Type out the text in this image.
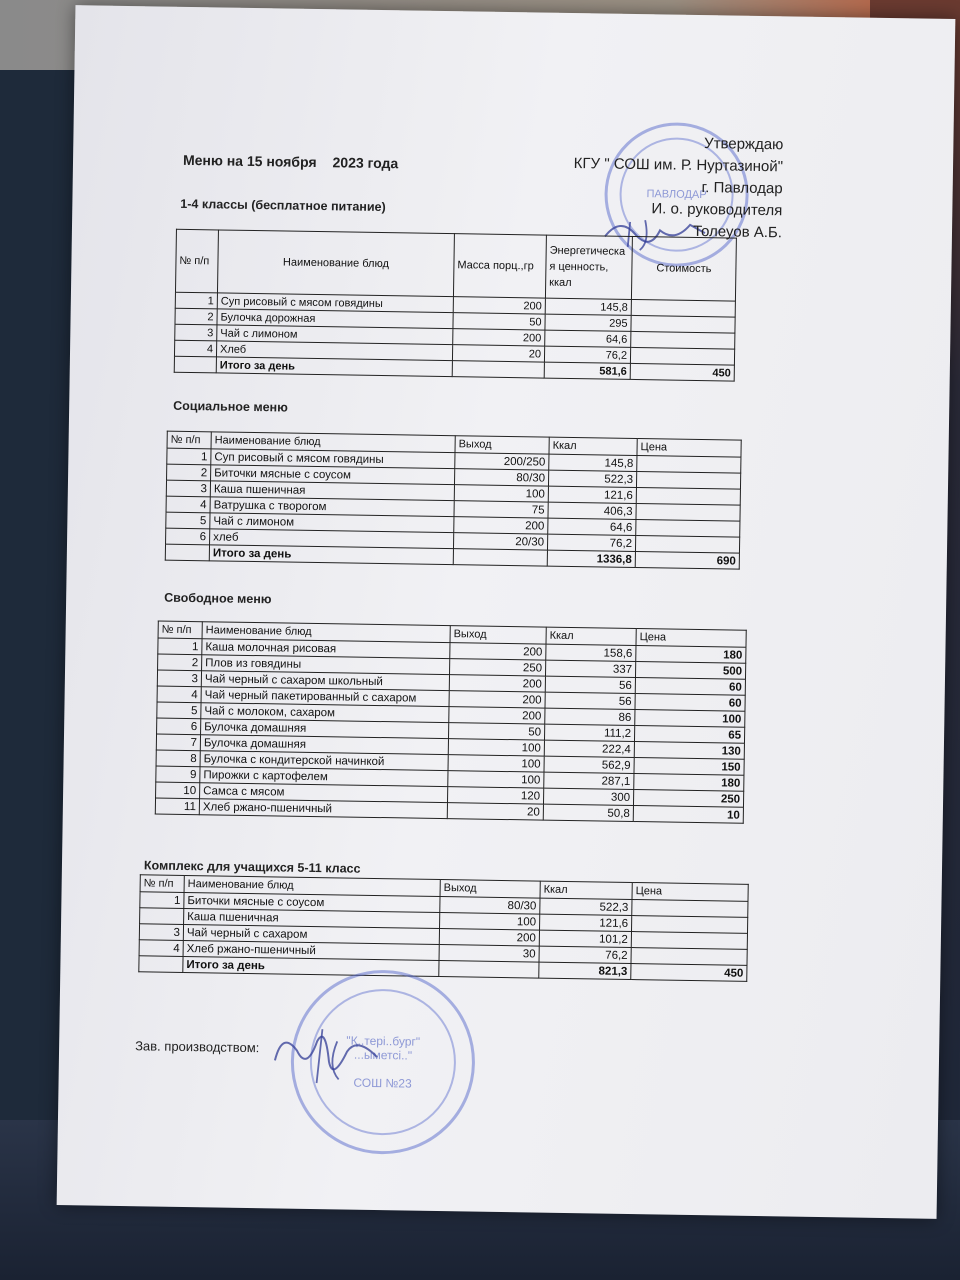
ПАВЛОДАР
Утверждаю
КГУ " СОШ им. Р. Нуртазиной"
г. Павлодар
И. о. руководителя
Толеуов А.Б.
Меню на 15 ноября 2023 года
1-4 классы (бесплатное питание)
№ п/п	Наименование блюд	Масса порц.,гр	Энергетическа я ценность, ккал	Стоимость
1	Суп рисовый с мясом говядины	200	145,8	
2	Булочка дорожная	50	295	
3	Чай с лимоном	200	64,6	
4	Хлеб	20	76,2	
	Итого за день		581,6	450
Социальное меню
№ п/п	Наименование блюд	Выход	Ккал	Цена
1	Суп рисовый с мясом говядины	200/250	145,8	
2	Биточки мясные с соусом	80/30	522,3	
3	Каша пшеничная	100	121,6	
4	Ватрушка с творогом	75	406,3	
5	Чай с лимоном	200	64,6	
6	хлеб	20/30	76,2	
	Итого за день		1336,8	690
Свободное меню
№ п/п	Наименование блюд	Выход	Ккал	Цена
1	Каша молочная рисовая	200	158,6	180
2	Плов из говядины	250	337	500
3	Чай черный с сахаром школьный	200	56	60
4	Чай черный пакетированный с сахаром	200	56	60
5	Чай с молоком, сахаром	200	86	100
6	Булочка домашняя	50	111,2	65
7	Булочка домашняя	100	222,4	130
8	Булочка с кондитерской начинкой	100	562,9	150
9	Пирожки с картофелем	100	287,1	180
10	Самса с мясом	120	300	250
11	Хлеб ржано-пшеничный	20	50,8	10
Комплекс для учащихся 5-11 класс
№ п/п	Наименование блюд	Выход	Ккал	Цена
1	Биточки мясные с соусом	80/30	522,3	
	Каша пшеничная	100	121,6	
3	Чай черный с сахаром	200	101,2	
4	Хлеб ржано-пшеничный	30	76,2	
	Итого за день		821,3	450
Зав. производством:	"Қ..тері..бург"
...ыметсі.."
СОШ №23
